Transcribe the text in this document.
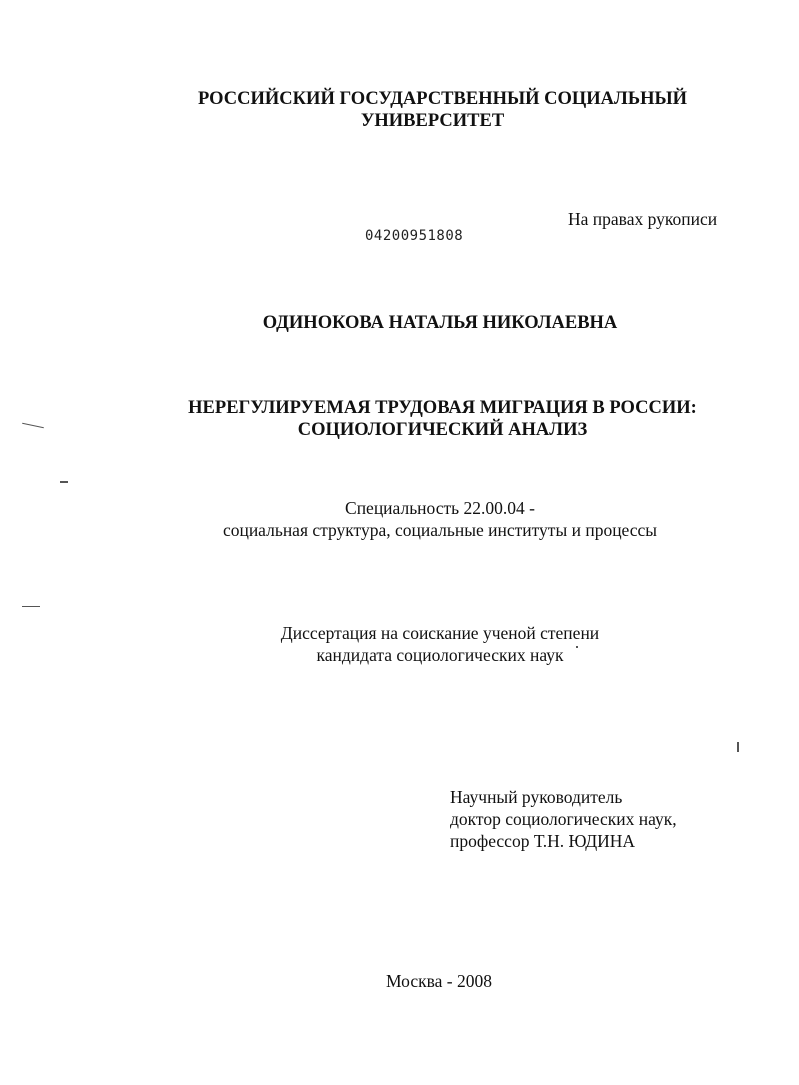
РОССИЙСКИЙ ГОСУДАРСТВЕННЫЙ СОЦИАЛЬНЫЙ
УНИВЕРСИТЕТ
На правах рукописи
04200951808
ОДИНОКОВА НАТАЛЬЯ НИКОЛАЕВНА
НЕРЕГУЛИРУЕМАЯ ТРУДОВАЯ МИГРАЦИЯ В РОССИИ:
СОЦИОЛОГИЧЕСКИЙ АНАЛИЗ
Специальность 22.00.04 -
социальная структура, социальные институты и процессы
Диссертация на соискание ученой степени
кандидата социологических наук
Научный руководитель
доктор социологических наук,
профессор Т.Н. ЮДИНА
Москва - 2008
